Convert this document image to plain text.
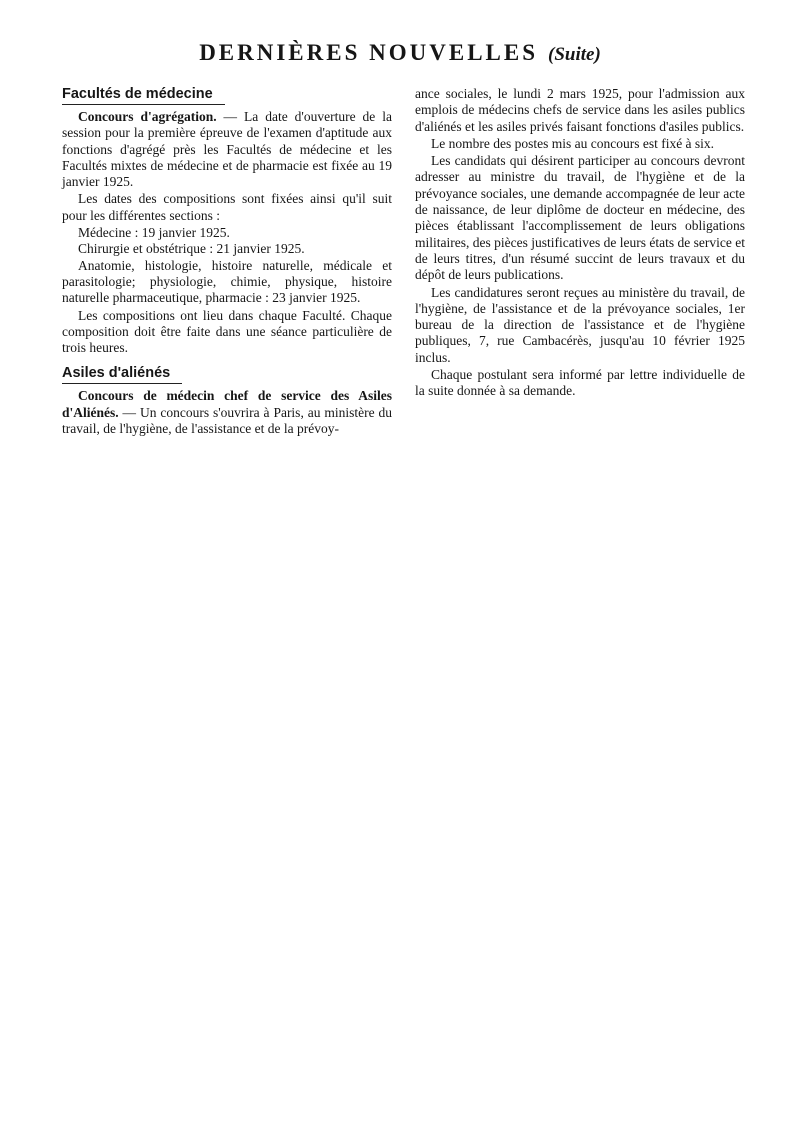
DERNIÈRES NOUVELLES (Suite)
Facultés de médecine

Concours d'agrégation. — La date d'ouverture de la session pour la première épreuve de l'examen d'aptitude aux fonctions d'agrégé près les Facultés de médecine et les Facultés mixtes de médecine et de pharmacie est fixée au 19 janvier 1925.

Les dates des compositions sont fixées ainsi qu'il suit pour les différentes sections :

Médecine : 19 janvier 1925.

Chirurgie et obstétrique : 21 janvier 1925.

Anatomie, histologie, histoire naturelle, médicale et parasitologie; physiologie, chimie, physique, histoire naturelle pharmaceutique, pharmacie : 23 janvier 1925.

Les compositions ont lieu dans chaque Faculté. Chaque composition doit être faite dans une séance particulière de trois heures.

Asiles d'aliénés

Concours de médecin chef de service des Asiles d'Aliénés. — Un concours s'ouvrira à Paris, au ministère du travail, de l'hygiène, de l'assistance et de la prévoy-

ance sociales, le lundi 2 mars 1925, pour l'admission aux emplois de médecins chefs de service dans les asiles publics d'aliénés et les asiles privés faisant fonctions d'asiles publics.

Le nombre des postes mis au concours est fixé à six.

Les candidats qui désirent participer au concours devront adresser au ministre du travail, de l'hygiène et de la prévoyance sociales, une demande accompagnée de leur acte de naissance, de leur diplôme de docteur en médecine, des pièces établissant l'accomplissement de leurs obligations militaires, des pièces justificatives de leurs états de service et de leurs titres, d'un résumé succint de leurs travaux et du dépôt de leurs publications.

Les candidatures seront reçues au ministère du travail, de l'hygiène, de l'assistance et de la prévoyance sociales, 1er bureau de la direction de l'assistance et de l'hygiène publiques, 7, rue Cambacérès, jusqu'au 10 février 1925 inclus.

Chaque postulant sera informé par lettre individuelle de la suite donnée à sa demande.
